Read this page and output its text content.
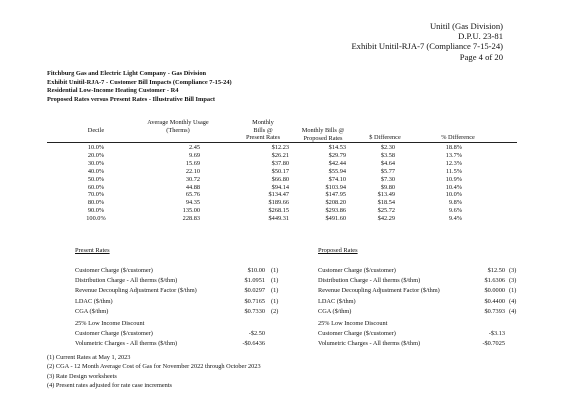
Unitil (Gas Division)
D.P.U. 23-81
Exhibit Unitil-RJA-7 (Compliance 7-15-24)
Page 4 of 20
Fitchburg Gas and Electric Light Company - Gas Division
Exhibit Unitil-RJA-7 - Customer Bill Impacts (Compliance 7-15-24)
Residential Low-Income Heating Customer - R4
Proposed Rates versus Present Rates - Illustrative Bill Impact
Decile
Average Monthly Usage
(Therms)
Monthly
Bills @
Present Rates
Monthly Bills @
Proposed Rates	$ Difference	% Difference
10.0%	2.45	$12.23	$14.53	$2.30	18.8%
20.0%	9.69	$26.21	$29.79	$3.58	13.7%
30.0%	15.69	$37.80	$42.44	$4.64	12.3%
40.0%	22.10	$50.17	$55.94	$5.77	11.5%
50.0%	30.72	$66.80	$74.10	$7.30	10.9%
60.0%	44.88	$94.14	$103.94	$9.80	10.4%
70.0%	65.76	$134.47	$147.95	$13.49	10.0%
80.0%	94.35	$189.66	$208.20	$18.54	9.8%
90.0%	135.00	$268.15	$293.86	$25.72	9.6%
100.0%	228.83	$449.31	$491.60	$42.29	9.4%
Present Rates
Customer Charge ($/customer)	$10.00 (1)
Distribution Charge - All therms ($/thm)	$1.0951 (1)
Revenue Decoupling Adjustment Factor ($/thm)	$0.0297 (1)
LDAC ($/thm)	$0.7165 (1)
CGA ($/thm)	$0.7330 (2)
25% Low Income Discount
Customer Charge ($/customer)	-$2.50
Volumetric Charges - All therms ($/thm)	-$0.6436
Proposed Rates
Customer Charge ($/customer)	$12.50 (3)
Distribution Charge - All therms ($/thm)	$1.6306 (3)
Revenue Decoupling Adjustment Factor ($/thm)	$0.0000 (1)
LDAC ($/thm)	$0.4400 (4)
CGA ($/thm)	$0.7393 (4)
25% Low Income Discount
Customer Charge ($/customer)	-$3.13
Volumetric Charges - All therms ($/thm)	-$0.7025
(1) Current Rates at May 1, 2023
(2) CGA - 12 Month Average Cost of Gas for November 2022 through October 2023
(3) Rate Design worksheets
(4) Present rates adjusted for rate case increments
